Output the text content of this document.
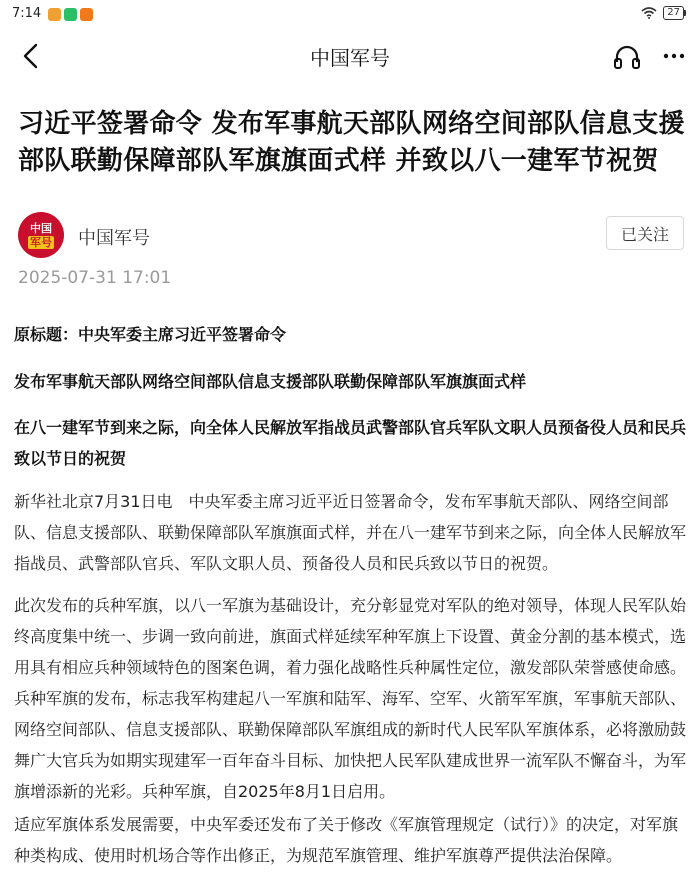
7:14	27
中国军号
习近平签署命令 发布军事航天部队网络空间部队信息支援部队联勤保障部队军旗旗面式样 并致以八一建军节祝贺
中国
军号 中国军号	已关注
2025-07-31 17:01

原标题：中央军委主席习近平签署命令

发布军事航天部队网络空间部队信息支援部队联勤保障部队军旗旗面式样

在八一建军节到来之际，向全体人民解放军指战员武警部队官兵军队文职人员预备役人员和民兵致以节日的祝贺

新华社北京7月31日电　中央军委主席习近平近日签署命令，发布军事航天部队、网络空间部队、信息支援部队、联勤保障部队军旗旗面式样，并在八一建军节到来之际，向全体人民解放军指战员、武警部队官兵、军队文职人员、预备役人员和民兵致以节日的祝贺。

此次发布的兵种军旗，以八一军旗为基础设计，充分彰显党对军队的绝对领导，体现人民军队始终高度集中统一、步调一致向前进，旗面式样延续军种军旗上下设置、黄金分割的基本模式，选用具有相应兵种领域特色的图案色调，着力强化战略性兵种属性定位，激发部队荣誉感使命感。兵种军旗的发布，标志我军构建起八一军旗和陆军、海军、空军、火箭军军旗，军事航天部队、网络空间部队、信息支援部队、联勤保障部队军旗组成的新时代人民军队军旗体系，必将激励鼓舞广大官兵为如期实现建军一百年奋斗目标、加快把人民军队建成世界一流军队不懈奋斗，为军旗增添新的光彩。兵种军旗，自2025年8月1日启用。

适应军旗体系发展需要，中央军委还发布了关于修改《军旗管理规定（试行）》的决定，对军旗种类构成、使用时机场合等作出修正，为规范军旗管理、维护军旗尊严提供法治保障。
